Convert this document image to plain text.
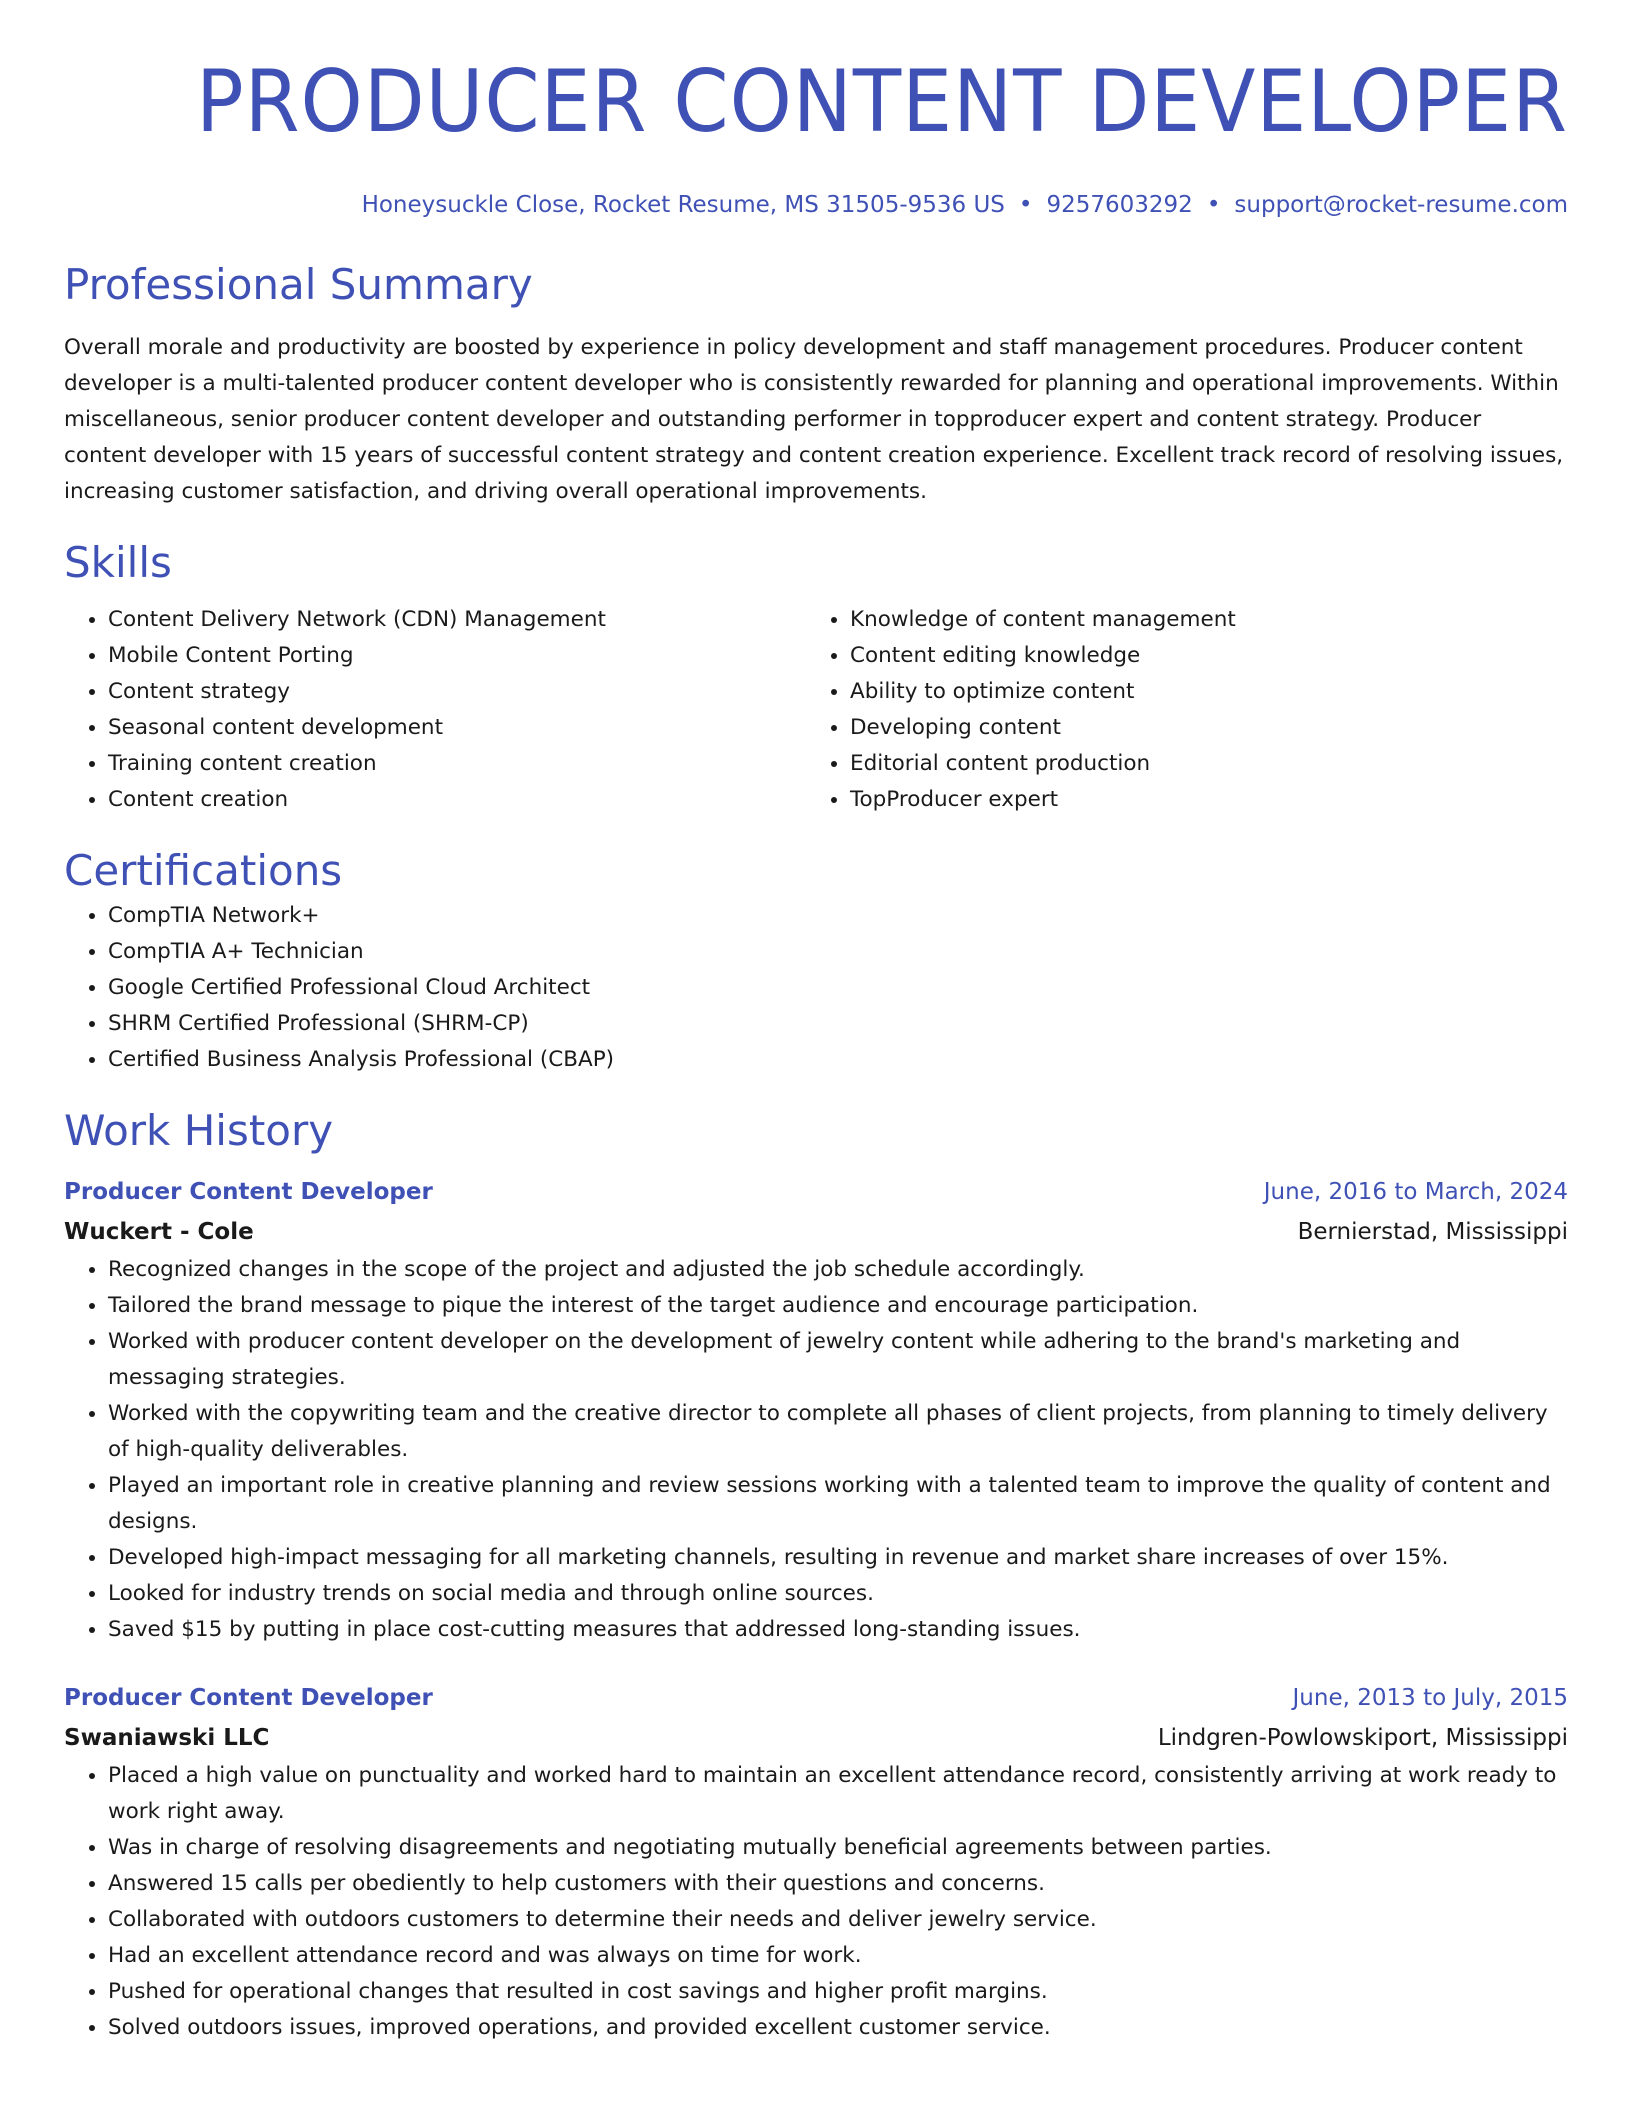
PRODUCER CONTENT DEVELOPER
Honeysuckle Close, Rocket Resume, MS 31505-9536 US • 9257603292 • support@rocket-resume.com
Professional Summary
Overall morale and productivity are boosted by experience in policy development and staff management procedures. Producer content developer is a multi-talented producer content developer who is consistently rewarded for planning and operational improvements. Within miscellaneous, senior producer content developer and outstanding performer in topproducer expert and content strategy. Producer content developer with 15 years of successful content strategy and content creation experience. Excellent track record of resolving issues, increasing customer satisfaction, and driving overall operational improvements.
Skills
• Content Delivery Network (CDN) Management
• Mobile Content Porting
• Content strategy
• Seasonal content development
• Training content creation
• Content creation
• Knowledge of content management
• Content editing knowledge
• Ability to optimize content
• Developing content
• Editorial content production
• TopProducer expert
Certifications
• CompTIA Network+
• CompTIA A+ Technician
• Google Certified Professional Cloud Architect
• SHRM Certified Professional (SHRM-CP)
• Certified Business Analysis Professional (CBAP)
Work History
Producer Content Developer	June, 2016 to March, 2024
Wuckert - Cole	Bernierstad, Mississippi
• Recognized changes in the scope of the project and adjusted the job schedule accordingly.
• Tailored the brand message to pique the interest of the target audience and encourage participation.
• Worked with producer content developer on the development of jewelry content while adhering to the brand's marketing and messaging strategies.
• Worked with the copywriting team and the creative director to complete all phases of client projects, from planning to timely delivery of high-quality deliverables.
• Played an important role in creative planning and review sessions working with a talented team to improve the quality of content and designs.
• Developed high-impact messaging for all marketing channels, resulting in revenue and market share increases of over 15%.
• Looked for industry trends on social media and through online sources.
• Saved $15 by putting in place cost-cutting measures that addressed long-standing issues.
Producer Content Developer	June, 2013 to July, 2015
Swaniawski LLC	Lindgren-Powlowskiport, Mississippi
• Placed a high value on punctuality and worked hard to maintain an excellent attendance record, consistently arriving at work ready to work right away.
• Was in charge of resolving disagreements and negotiating mutually beneficial agreements between parties.
• Answered 15 calls per obediently to help customers with their questions and concerns.
• Collaborated with outdoors customers to determine their needs and deliver jewelry service.
• Had an excellent attendance record and was always on time for work.
• Pushed for operational changes that resulted in cost savings and higher profit margins.
• Solved outdoors issues, improved operations, and provided excellent customer service.
